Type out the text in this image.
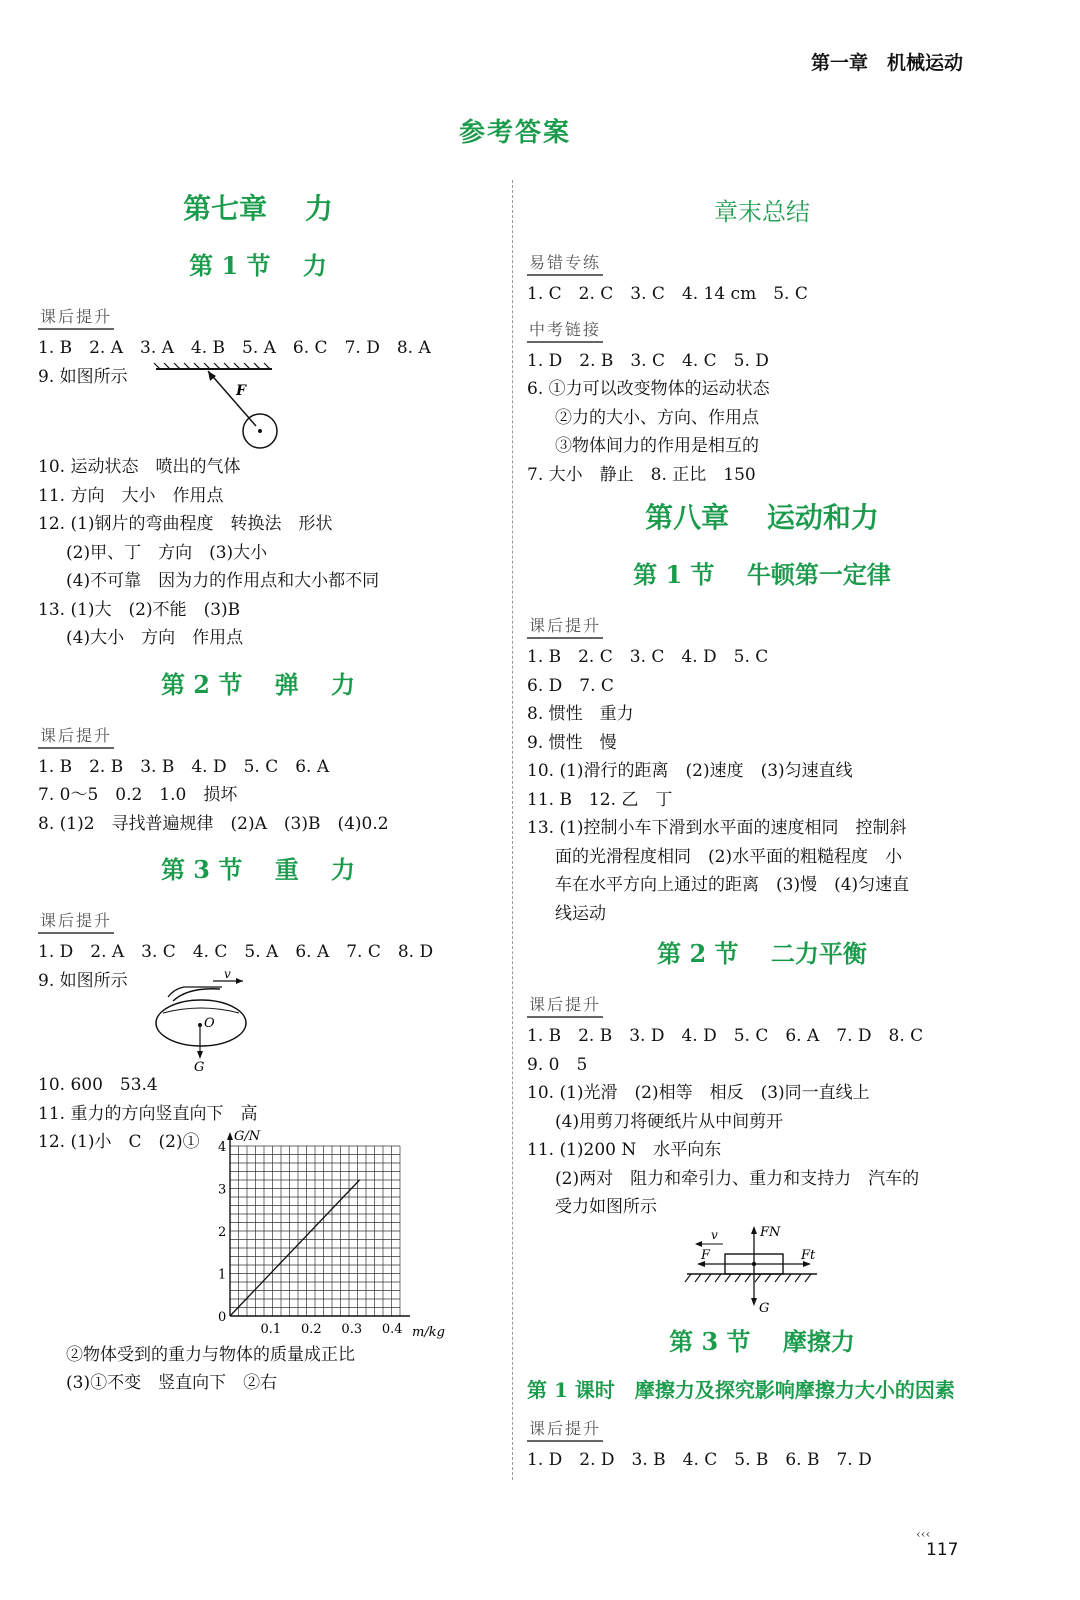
第一章　机械运动
参考答案
第七章　 力
第 1 节　 力
课后提升
1. B　2. A　3. A　4. B　5. A　6. C　7. D　8. A
9. 如图所示
F
10. 运动状态　喷出的气体
11. 方向　大小　作用点
12. (1)钢片的弯曲程度　转换法　形状
(2)甲、丁　方向　(3)大小
(4)不可靠　因为力的作用点和大小都不同
13. (1)大　(2)不能　(3)B
(4)大小　方向　作用点
第 2 节　 弹　 力
课后提升
1. B　2. B　3. B　4. D　5. C　6. A
7. 0～5　0.2　1.0　损坏
8. (1)2　寻找普遍规律　(2)A　(3)B　(4)0.2
第 3 节　 重　 力
课后提升
1. D　2. A　3. C　4. C　5. A　6. A　7. C　8. D
9. 如图所示	v
O
G
10. 600　53.4
11. 重力的方向竖直向下　高
12. (1)小　C　(2)①
0
1
2
3
4
0.1 0.2 0.3 0.4
G/N
m/kg
②物体受到的重力与物体的质量成正比
(3)①不变　竖直向下　②右
章末总结
易错专练
1. C　2. C　3. C　4. 14 cm　5. C
中考链接
1. D　2. B　3. C　4. C　5. D
6. ①力可以改变物体的运动状态
②力的大小、方向、作用点
③物体间力的作用是相互的
7. 大小　静止　8. 正比　150
第八章　 运动和力
第 1 节　 牛顿第一定律
课后提升
1. B　2. C　3. C　4. D　5. C
6. D　7. C
8. 惯性　重力
9. 惯性　慢
10. (1)滑行的距离　(2)速度　(3)匀速直线
11. B　12. 乙　丁
13. (1)控制小车下滑到水平面的速度相同　控制斜
面的光滑程度相同　(2)水平面的粗糙程度　小
车在水平方向上通过的距离　(3)慢　(4)匀速直
线运动
第 2 节　 二力平衡
课后提升
1. B　2. B　3. D　4. D　5. C　6. A　7. D　8. C
9. 0　5
10. (1)光滑　(2)相等　相反　(3)同一直线上
(4)用剪刀将硬纸片从中间剪开
11. (1)200 N　水平向东
(2)两对　阻力和牵引力、重力和支持力　汽车的
受力如图所示
FN
G
F	Ft
v
第 3 节　 摩擦力
第 1 课时　摩擦力及探究影响摩擦力大小的因素
课后提升
1. D　2. D　3. B　4. C　5. B　6. B　7. D
‹‹‹
117
